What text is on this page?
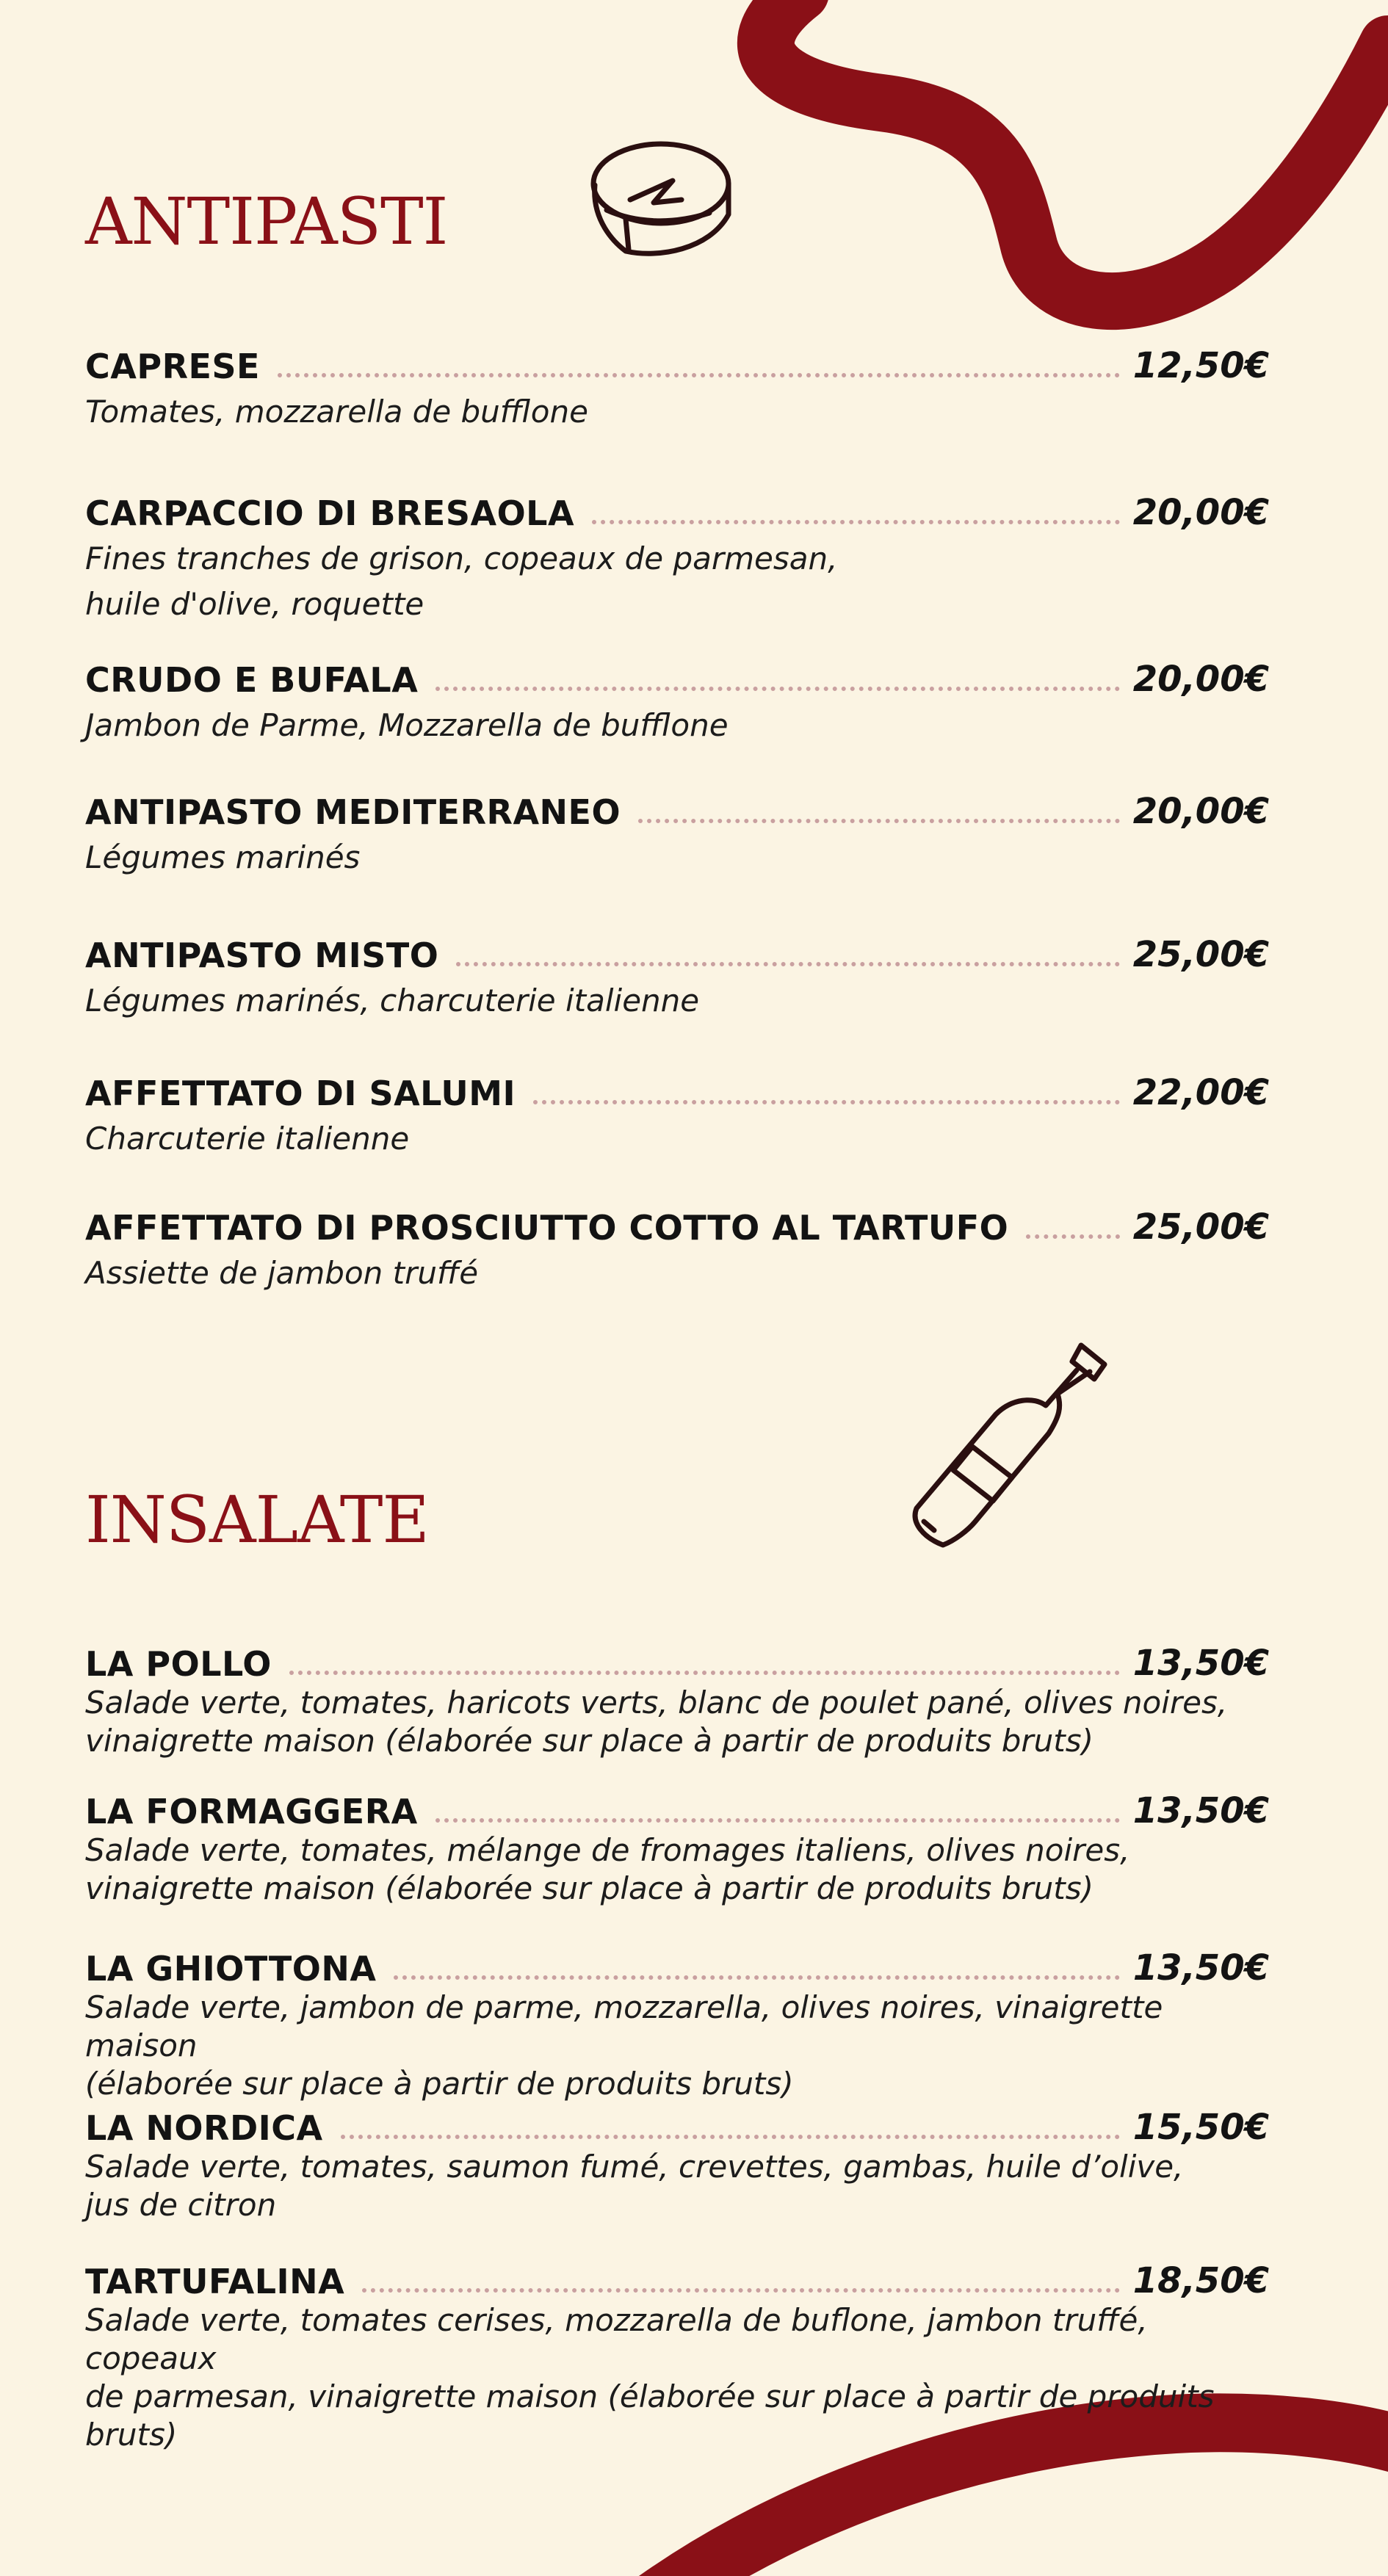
ANTIPASTI
CAPRESE	12,50€
Tomates, mozzarella de bufflone
CARPACCIO DI BRESAOLA	20,00€
Fines tranches de grison, copeaux de parmesan,
huile d'olive, roquette
CRUDO E BUFALA	20,00€
Jambon de Parme, Mozzarella de bufflone
ANTIPASTO MEDITERRANEO	20,00€
Légumes marinés
ANTIPASTO MISTO	25,00€
Légumes marinés, charcuterie italienne
AFFETTATO DI SALUMI	22,00€
Charcuterie italienne
AFFETTATO DI PROSCIUTTO COTTO AL TARTUFO	25,00€
Assiette de jambon truffé
INSALATE
LA POLLO	13,50€
Salade verte, tomates, haricots verts, blanc de poulet pané, olives noires,
vinaigrette maison (élaborée sur place à partir de produits bruts)
LA FORMAGGERA	13,50€
Salade verte, tomates, mélange de fromages italiens, olives noires,
vinaigrette maison (élaborée sur place à partir de produits bruts)
LA GHIOTTONA	13,50€
Salade verte, jambon de parme, mozzarella, olives noires, vinaigrette maison
(élaborée sur place à partir de produits bruts)
LA NORDICA	15,50€
Salade verte, tomates, saumon fumé, crevettes, gambas, huile d’olive,
jus de citron
TARTUFALINA	18,50€
Salade verte, tomates cerises, mozzarella de buflone, jambon truffé, copeaux
de parmesan, vinaigrette maison (élaborée sur place à partir de produits bruts)
